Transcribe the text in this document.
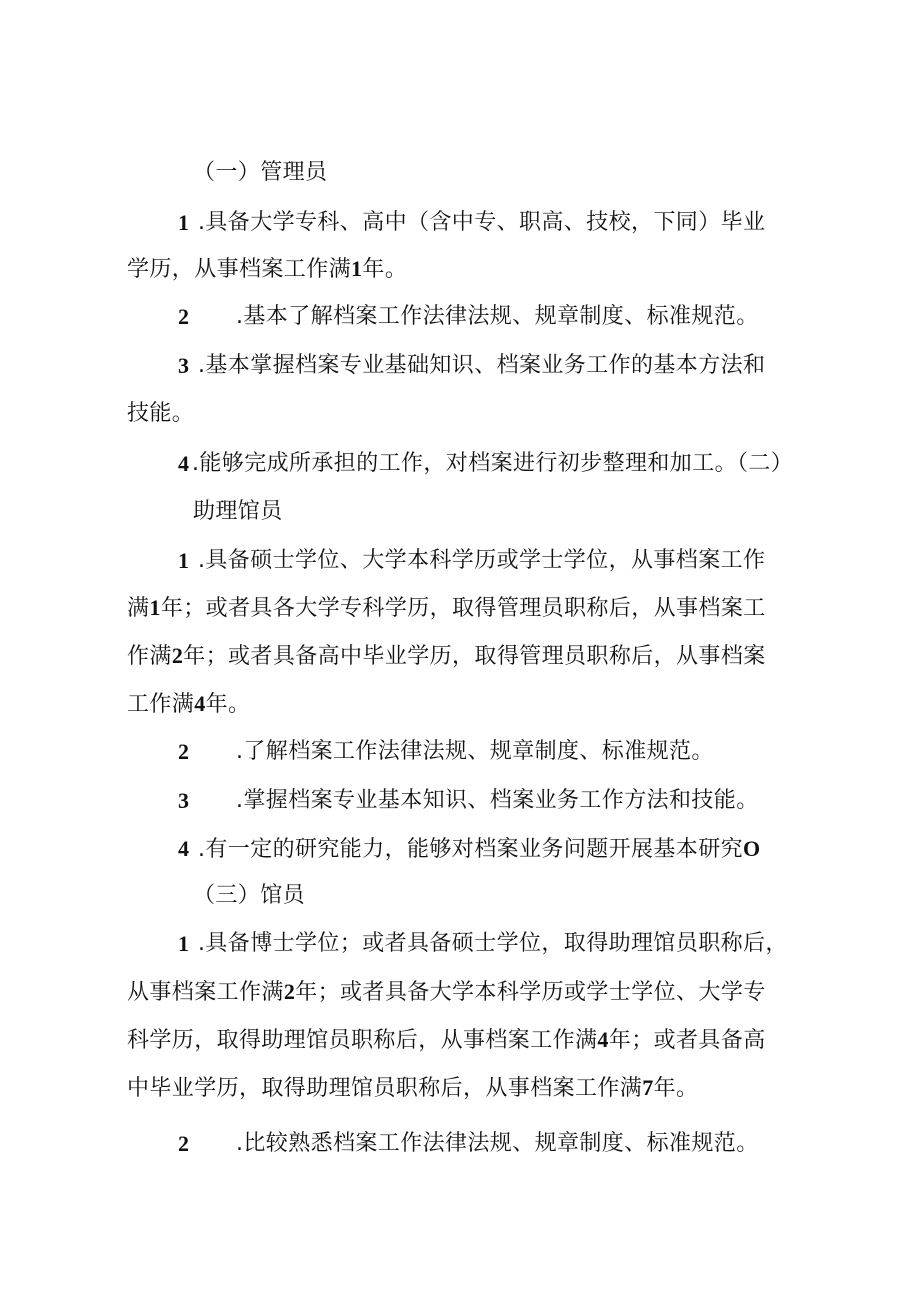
（一）管理员
1 .具备大学专科、高中（含中专、职高、技校，下同）毕业
学历，从事档案工作满1年。
2 .基本了解档案工作法律法规、规章制度、标准规范。
3 .基本掌握档案专业基础知识、档案业务工作的基本方法和
技能。
4 .能够完成所承担的工作，对档案进行初步整理和加工。（二）
助理馆员
1 .具备硕士学位、大学本科学历或学士学位，从事档案工作
满1年；或者具各大学专科学历，取得管理员职称后，从事档案工
作满2年；或者具备高中毕业学历，取得管理员职称后，从事档案
工作满4年。
2 .了解档案工作法律法规、规章制度、标准规范。
3 .掌握档案专业基本知识、档案业务工作方法和技能。
4 .有一定的研究能力，能够对档案业务问题开展基本研究O
（三）馆员
1 .具备博士学位；或者具备硕士学位，取得助理馆员职称后，
从事档案工作满2年；或者具备大学本科学历或学士学位、大学专
科学历，取得助理馆员职称后，从事档案工作满4年；或者具备高
中毕业学历，取得助理馆员职称后，从事档案工作满7年。
2 .比较熟悉档案工作法律法规、规章制度、标准规范。
